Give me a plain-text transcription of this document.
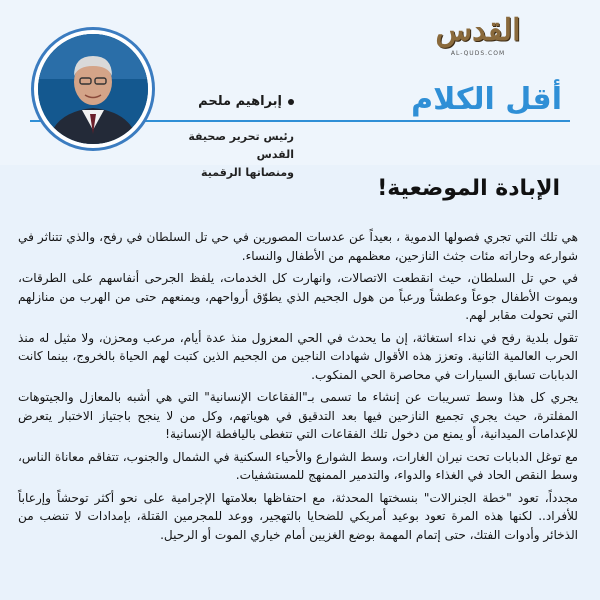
القدس
AL-QUDS.COM
أقل الكلام
إبراهيم ملحم
رئيس تحرير صحيفة القدس
ومنصاتها الرقمية
الإبادة الموضعية!

هي تلك التي تجري فصولها الدموية ، بعيداً عن عدسات المصورين في حي تل السلطان في رفح، والذي تتناثر في شوارعه وحاراته مئات جثث النازحين، معظمهم من الأطفال والنساء.

في حي تل السلطان، حيث انقطعت الاتصالات، وانهارت كل الخدمات، يلفظ الجرحى أنفاسهم على الطرقات، ويموت الأطفال جوعاً وعطشاً ورعباً من هول الجحيم الذي يطوّق أرواحهم، ويمنعهم حتى من الهرب من منازلهم التي تحولت مقابر لهم.

تقول بلدية رفح في نداء استغاثة، إن ما يحدث في الحي المعزول منذ عدة أيام، مرعب ومحزن، ولا مثيل له منذ الحرب العالمية الثانية. وتعزز هذه الأقوال شهادات الناجين من الجحيم الذين كتبت لهم الحياة بالخروج، بينما كانت الدبابات تسابق السيارات في محاصرة الحي المنكوب.

يجري كل هذا وسط تسريبات عن إنشاء ما تسمى بـ"الفقاعات الإنسانية" التي هي أشبه بالمعازل والجيتوهات المفلترة، حيث يجري تجميع النازحين فيها بعد التدقيق في هوياتهم، وكل من لا ينجح باجتياز الاختبار يتعرض للإعدامات الميدانية، أو يمنع من دخول تلك الفقاعات التي تتغطى باليافطة الإنسانية!

مع توغل الدبابات تحت نيران الغارات، وسط الشوارع والأحياء السكنية في الشمال والجنوب، تتفاقم معاناة الناس، وسط النقص الحاد في الغذاء والدواء، والتدمير الممنهج للمستشفيات.

مجدداً، تعود "خطة الجنرالات" بنسختها المحدثة، مع احتفاظها بعلامتها الإجرامية على نحو أكثر توحشاً وإرعاباً للأفراد.. لكنها هذه المرة تعود بوعيد أمريكي للضحايا بالتهجير، ووعد للمجرمين القتلة، بإمدادات لا تنضب من الذخائر وأدوات الفتك، حتى إتمام المهمة بوضع الغزيين أمام خياري الموت أو الرحيل.
